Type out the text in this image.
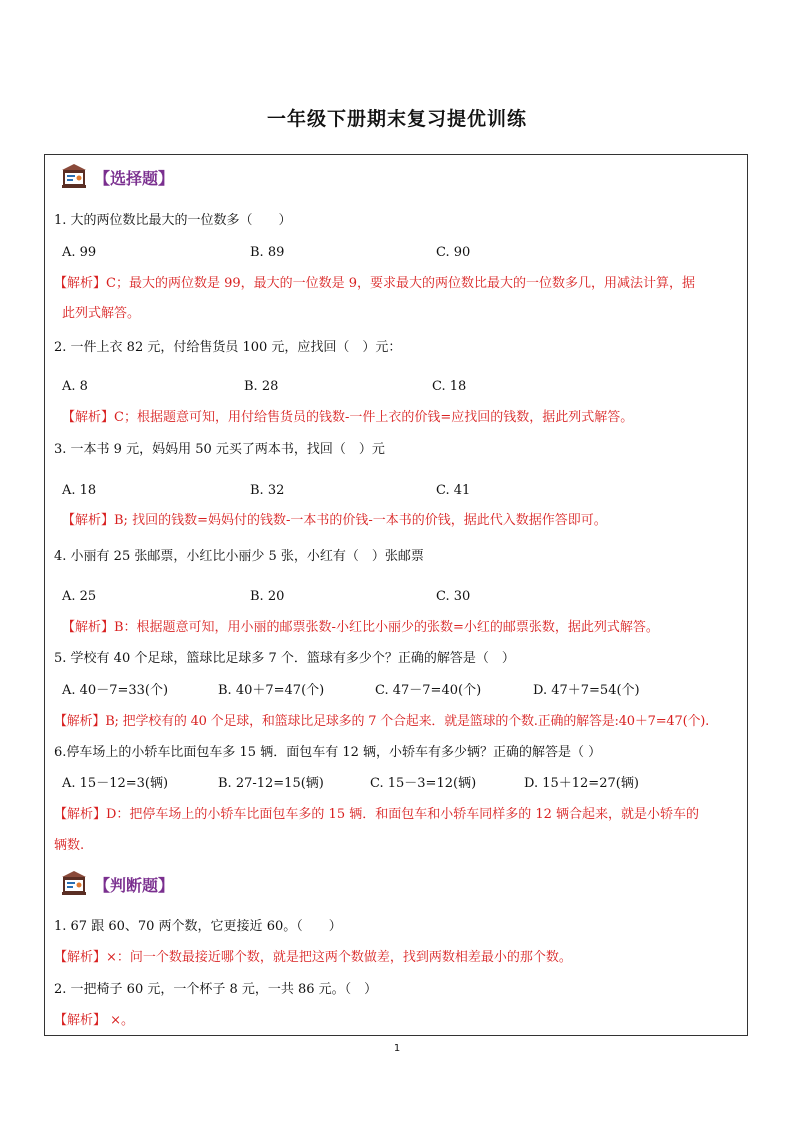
一年级下册期末复习提优训练
【选择题】
1. 大的两位数比最大的一位数多（　　）
A. 99	B. 89	C. 90
【解析】C；最大的两位数是 99，最大的一位数是 9，要求最大的两位数比最大的一位数多几，用减法计算，据
此列式解答。
2. 一件上衣 82 元，付给售货员 100 元，应找回（　）元：
A. 8	B. 28	C. 18
【解析】C；根据题意可知，用付给售货员的钱数-一件上衣的价钱=应找回的钱数，据此列式解答。
3. 一本书 9 元，妈妈用 50 元买了两本书，找回（　）元
A. 18	B. 32	C. 41
【解析】B; 找回的钱数=妈妈付的钱数-一本书的价钱-一本书的价钱，据此代入数据作答即可。
4. 小丽有 25 张邮票，小红比小丽少 5 张，小红有（　）张邮票
A. 25	B. 20	C. 30
【解析】B：根据题意可知，用小丽的邮票张数-小红比小丽少的张数=小红的邮票张数，据此列式解答。
5. 学校有 40 个足球，篮球比足球多 7 个．篮球有多少个？正确的解答是（　）
A. 40－7=33(个)	B. 40＋7=47(个)	C. 47－7=40(个)	D. 47＋7=54(个)
【解析】B; 把学校有的 40 个足球，和篮球比足球多的 7 个合起来．就是篮球的个数.正确的解答是:40＋7=47(个).
6.停车场上的小轿车比面包车多 15 辆．面包车有 12 辆，小轿车有多少辆？正确的解答是（ ）
A. 15－12=3(辆)	B. 27-12=15(辆)	C. 15－3=12(辆)	D. 15＋12=27(辆)
【解析】D：把停车场上的小轿车比面包车多的 15 辆．和面包车和小轿车同样多的 12 辆合起来，就是小轿车的
辆数.
【判断题】
1. 67 跟 60、70 两个数，它更接近 60。（　　）
【解析】×：问一个数最接近哪个数，就是把这两个数做差，找到两数相差最小的那个数。
2. 一把椅子 60 元，一个杯子 8 元，一共 86 元。（　）
【解析】 ×。
1
